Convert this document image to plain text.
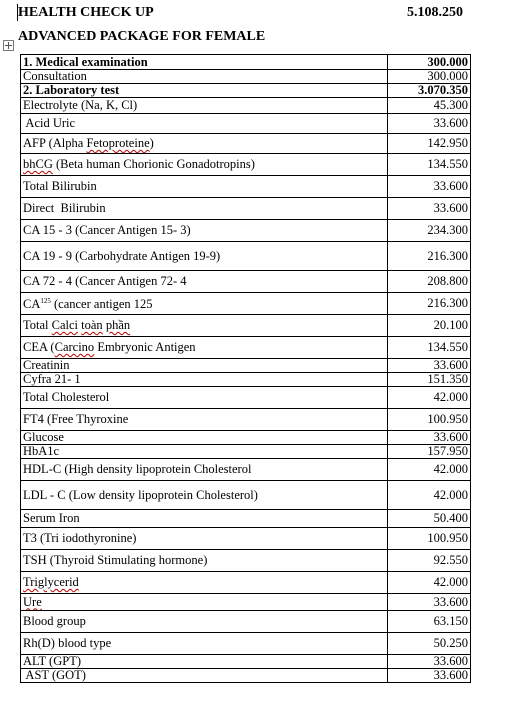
HEALTH CHECK UP	5.108.250
ADVANCED PACKAGE FOR FEMALE
1. Medical examination	300.000
Consultation	300.000
2. Laboratory test	3.070.350
Electrolyte (Na, K, Cl)	45.300
Acid Uric	33.600
AFP (Alpha Fetoproteine)	142.950
bhCG (Beta human Chorionic Gonadotropins)	134.550
Total Bilirubin	33.600
Direct  Bilirubin	33.600
CA 15 - 3 (Cancer Antigen 15- 3)	234.300
CA 19 - 9 (Carbohydrate Antigen 19-9)	216.300
CA 72 - 4 (Cancer Antigen 72- 4	208.800
CA$^{125}$ (cancer antigen 125	216.300
Total Calci toàn phần	20.100
CEA (Carcino Embryonic Antigen	134.550
Creatinin	33.600
Cyfra 21- 1	151.350
Total Cholesterol	42.000
FT4 (Free Thyroxine	100.950
Glucose	33.600
HbA1c	157.950
HDL-C (High density lipoprotein Cholesterol	42.000
LDL - C (Low density lipoprotein Cholesterol)	42.000
Serum Iron	50.400
T3 (Tri iodothyronine)	100.950
TSH (Thyroid Stimulating hormone)	92.550
Triglycerid	42.000
Ure	33.600
Blood group	63.150
Rh(D) blood type	50.250
ALT (GPT)	33.600
AST (GOT)	33.600
